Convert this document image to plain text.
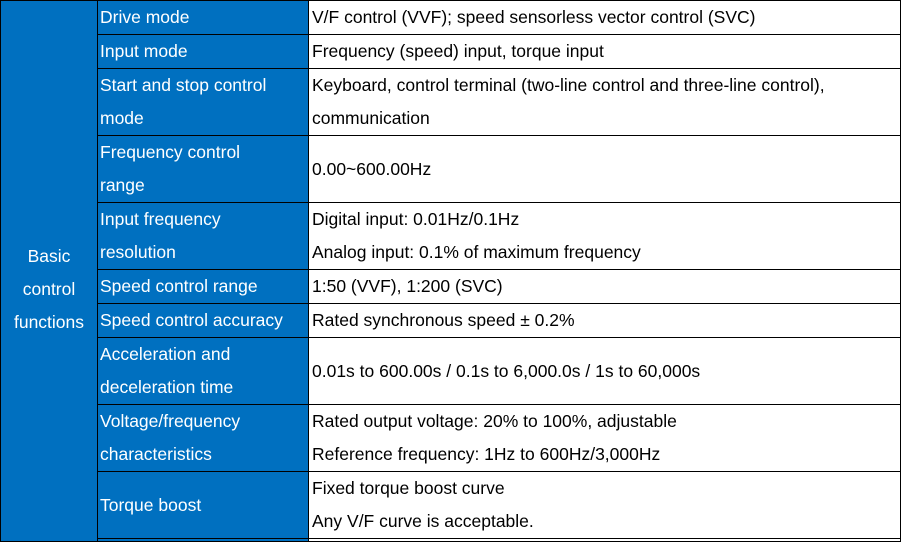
Basic
control
functions	Drive mode	V/F control (VVF); speed sensorless vector control (SVC)

	Input mode	Frequency (speed) input, torque input

	Start and stop control
mode	Keyboard, control terminal (two-line control and three-line control),
communication

	Frequency control
range	0.00~600.00Hz

	Input frequency
resolution	Digital input: 0.01Hz/0.1Hz
Analog input: 0.1% of maximum frequency

	Speed control range	1:50 (VVF), 1:200 (SVC)

	Speed control accuracy	Rated synchronous speed ± 0.2%

	Acceleration and
deceleration time	0.01s to 600.00s / 0.1s to 6,000.0s / 1s to 60,000s

	Voltage/frequency
characteristics	Rated output voltage: 20% to 100%, adjustable
Reference frequency: 1Hz to 600Hz/3,000Hz

	Torque boost	Fixed torque boost curve
Any V/F curve is acceptable.
